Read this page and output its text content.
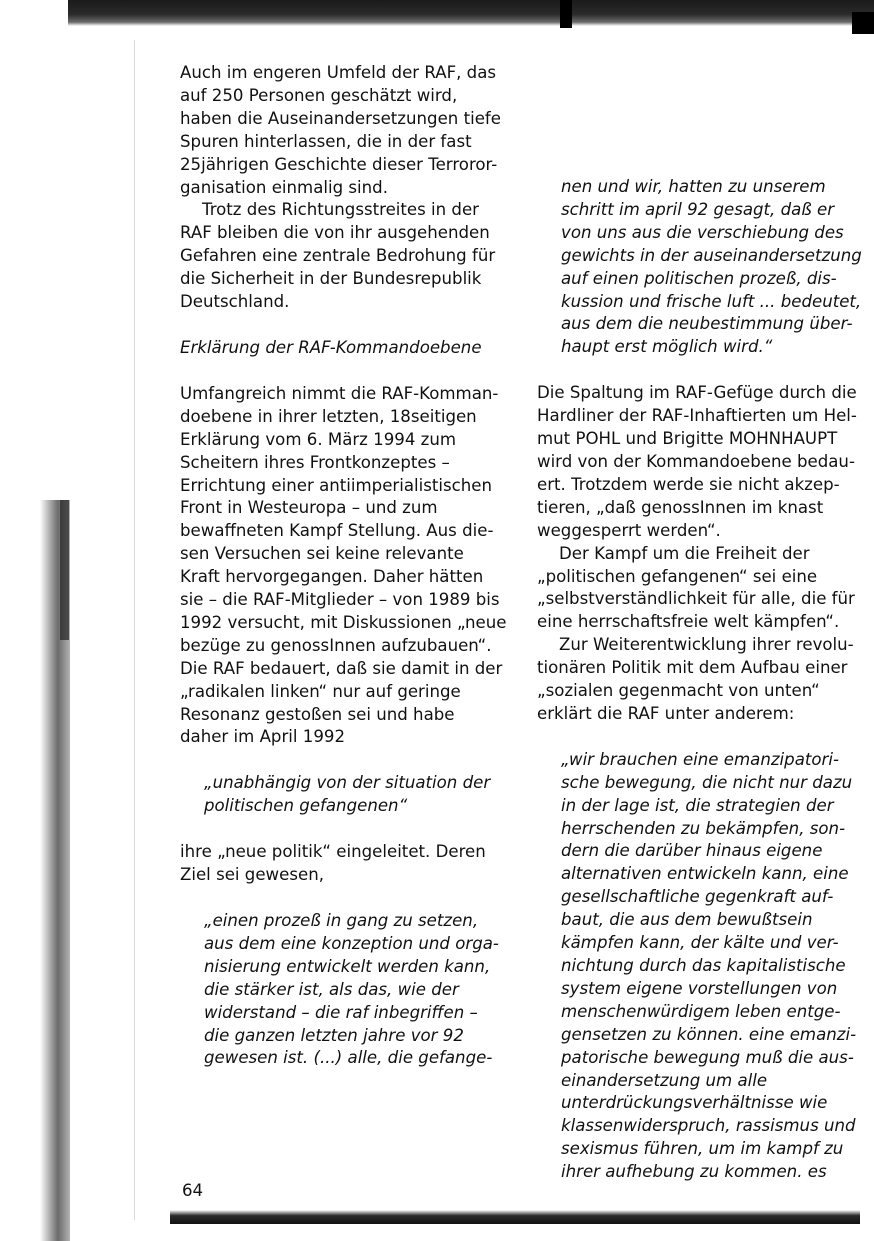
Auch im engeren Umfeld der RAF, das
auf 250 Personen geschätzt wird,
haben die Auseinandersetzungen tiefe
Spuren hinterlassen, die in der fast
25jährigen Geschichte dieser Terroror-
ganisation einmalig sind.

Trotz des Richtungsstreites in der
RAF bleiben die von ihr ausgehenden
Gefahren eine zentrale Bedrohung für
die Sicherheit in der Bundesrepublik
Deutschland.

Erklärung der RAF-Kommandoebene

Umfangreich nimmt die RAF-Komman-
doebene in ihrer letzten, 18seitigen
Erklärung vom 6. März 1994 zum
Scheitern ihres Frontkonzeptes –
Errichtung einer antiimperialistischen
Front in Westeuropa – und zum
bewaffneten Kampf Stellung. Aus die-
sen Versuchen sei keine relevante
Kraft hervorgegangen. Daher hätten
sie – die RAF-Mitglieder – von 1989 bis
1992 versucht, mit Diskussionen „neue
bezüge zu genossInnen aufzubauen“.
Die RAF bedauert, daß sie damit in der
„radikalen linken“ nur auf geringe
Resonanz gestoßen sei und habe
daher im April 1992

„unabhängig von der situation der
politischen gefangenen“

ihre „neue politik“ eingeleitet. Deren
Ziel sei gewesen,

„einen prozeß in gang zu setzen,
aus dem eine konzeption und orga-
nisierung entwickelt werden kann,
die stärker ist, als das, wie der
widerstand – die raf inbegriffen –
die ganzen letzten jahre vor 92
gewesen ist. (...) alle, die gefange-

nen und wir, hatten zu unserem
schritt im april 92 gesagt, daß er
von uns aus die verschiebung des
gewichts in der auseinandersetzung
auf einen politischen prozeß, dis-
kussion und frische luft ... bedeutet,
aus dem die neubestimmung über-
haupt erst möglich wird.“

Die Spaltung im RAF-Gefüge durch die
Hardliner der RAF-Inhaftierten um Hel-
mut POHL und Brigitte MOHNHAUPT
wird von der Kommandoebene bedau-
ert. Trotzdem werde sie nicht akzep-
tieren, „daß genossInnen im knast
weggesperrt werden“.

Der Kampf um die Freiheit der
„politischen gefangenen“ sei eine
„selbstverständlichkeit für alle, die für
eine herrschaftsfreie welt kämpfen“.

Zur Weiterentwicklung ihrer revolu-
tionären Politik mit dem Aufbau einer
„sozialen gegenmacht von unten“
erklärt die RAF unter anderem:

„wir brauchen eine emanzipatori-
sche bewegung, die nicht nur dazu
in der lage ist, die strategien der
herrschenden zu bekämpfen, son-
dern die darüber hinaus eigene
alternativen entwickeln kann, eine
gesellschaftliche gegenkraft auf-
baut, die aus dem bewußtsein
kämpfen kann, der kälte und ver-
nichtung durch das kapitalistische
system eigene vorstellungen von
menschenwürdigem leben entge-
gensetzen zu können. eine emanzi-
patorische bewegung muß die aus-
einandersetzung um alle
unterdrückungsverhältnisse wie
klassenwiderspruch, rassismus und
sexismus führen, um im kampf zu
ihrer aufhebung zu kommen. es

64
